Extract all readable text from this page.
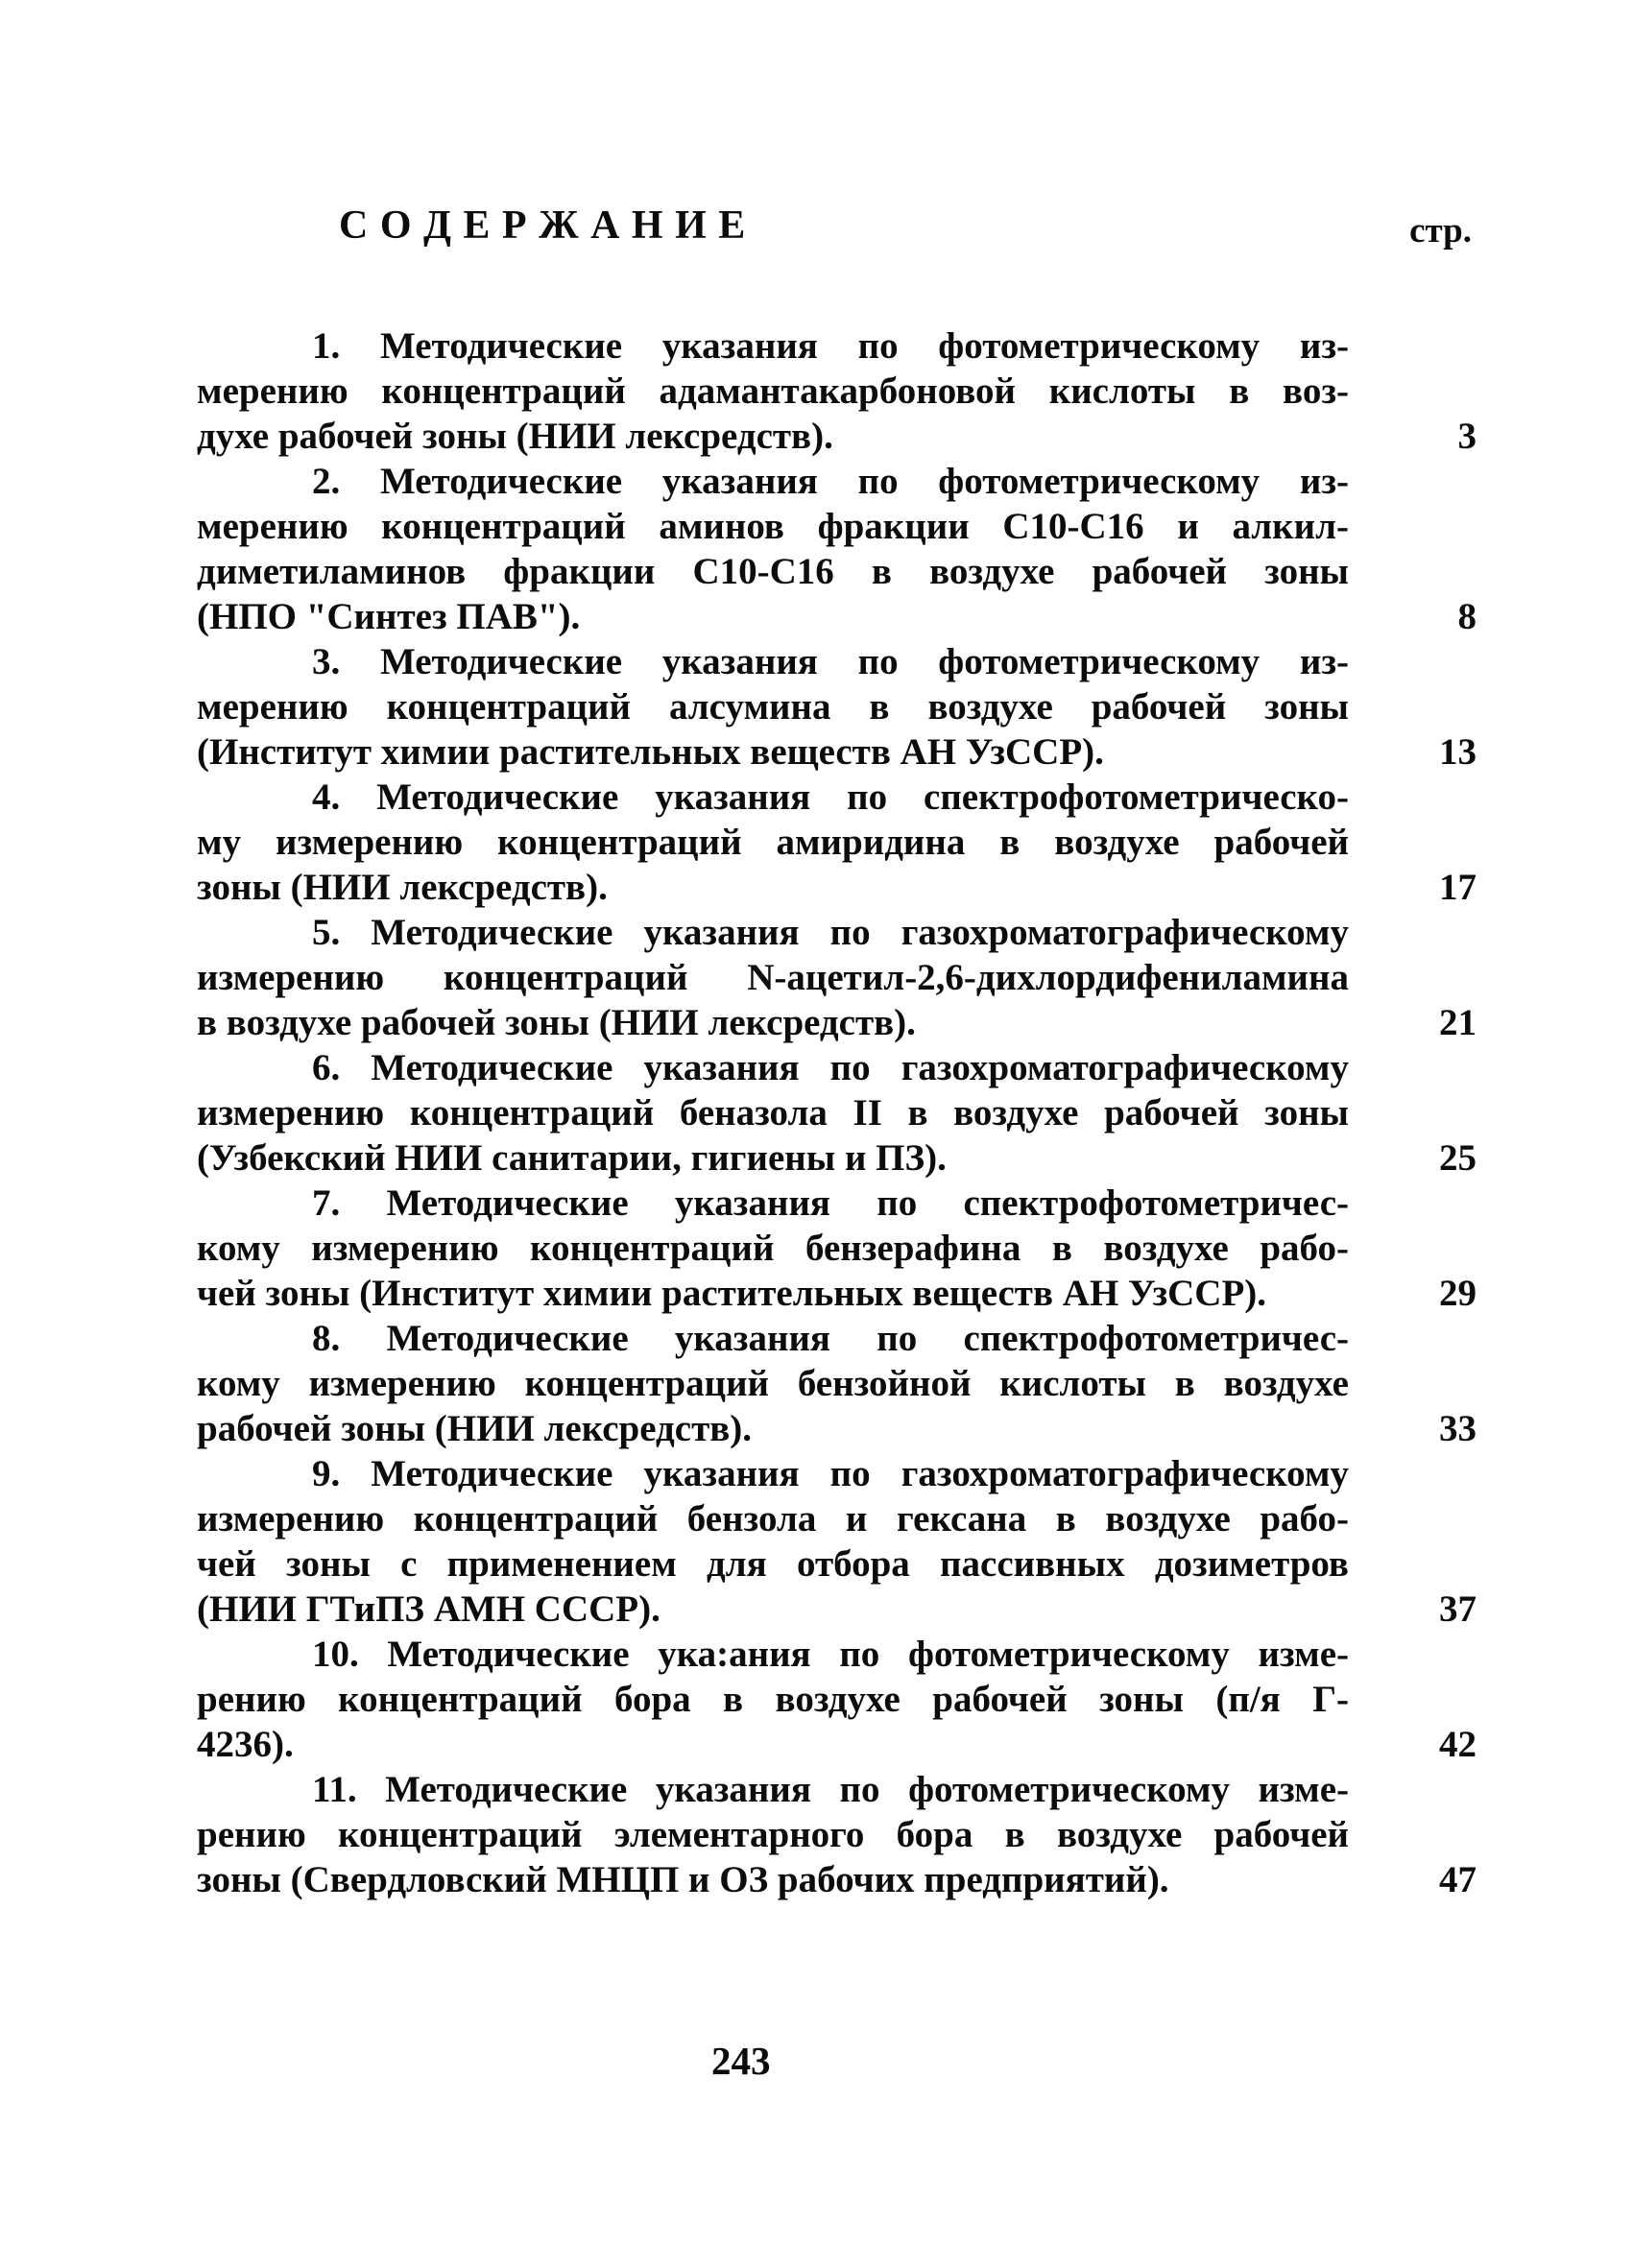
С О Д Е Р Ж А Н И Е	стр.
1. Методические указания по фотометрическому из-
мерению концентраций адамантакарбоновой кислоты в воз-
духе рабочей зоны (НИИ лексредств).	3
2. Методические указания по фотометрическому из-
мерению концентраций аминов фракции С10-С16 и алкил-
диметиламинов фракции С10-С16 в воздухе рабочей зоны
(НПО "Синтез ПАВ").	8
3. Методические указания по фотометрическому из-
мерению концентраций алсумина в воздухе рабочей зоны
(Институт химии растительных веществ АН УзССР).	13
4. Методические указания по спектрофотометрическо-
му измерению концентраций амиридина в воздухе рабочей
зоны (НИИ лексредств).	17
5. Методические указания по газохроматографическому
измерению концентраций N-ацетил-2,6-дихлордифениламина
в воздухе рабочей зоны (НИИ лексредств).	21
6. Методические указания по газохроматографическому
измерению концентраций беназола II в воздухе рабочей зоны
(Узбекский НИИ санитарии, гигиены и ПЗ).	25
7. Методические указания по спектрофотометричес-
кому измерению концентраций бензерафина в воздухе рабо-
чей зоны (Институт химии растительных веществ АН УзССР).	29
8. Методические указания по спектрофотометричес-
кому измерению концентраций бензойной кислоты в воздухе
рабочей зоны (НИИ лексредств).	33
9. Методические указания по газохроматографическому
измерению концентраций бензола и гексана в воздухе рабо-
чей зоны с применением для отбора пассивных дозиметров
(НИИ ГТиПЗ АМН СССР).	37
10. Методические ука:ания по фотометрическому изме-
рению концентраций бора в воздухе рабочей зоны (п/я Г-
4236).	42
11. Методические указания по фотометрическому изме-
рению концентраций элементарного бора в воздухе рабочей
зоны (Свердловский МНЦП и ОЗ рабочих предприятий).	47
243
